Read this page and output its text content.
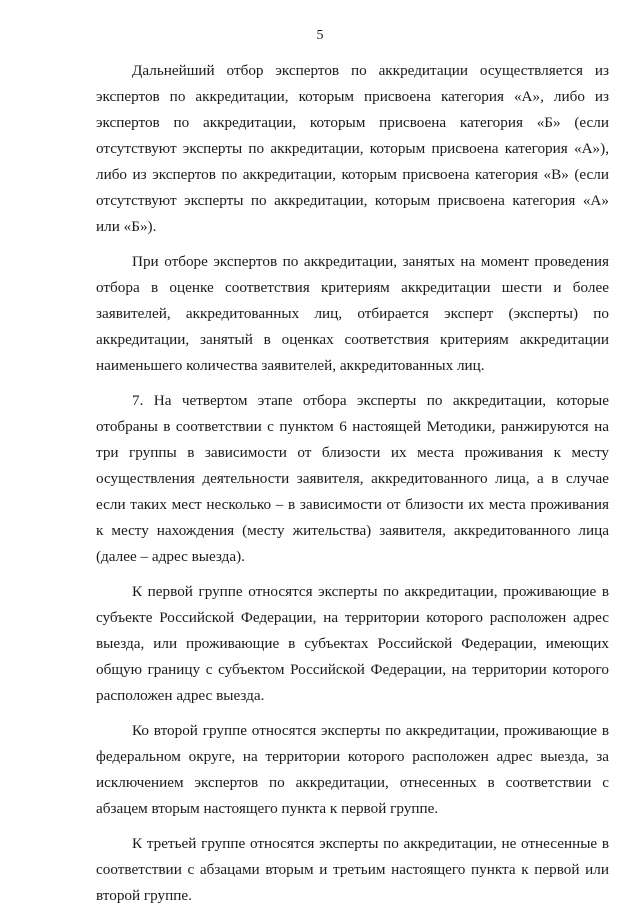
5

Дальнейший отбор экспертов по аккредитации осуществляется из экспертов по аккредитации, которым присвоена категория «А», либо из экспертов по аккредитации, которым присвоена категория «Б» (если отсутствуют эксперты по аккредитации, которым присвоена категория «А»), либо из экспертов по аккредитации, которым присвоена категория «В» (если отсутствуют эксперты по аккредитации, которым присвоена категория «А» или «Б»).

При отборе экспертов по аккредитации, занятых на момент проведения отбора в оценке соответствия критериям аккредитации шести и более заявителей, аккредитованных лиц, отбирается эксперт (эксперты) по аккредитации, занятый в оценках соответствия критериям аккредитации наименьшего количества заявителей, аккредитованных лиц.

7. На четвертом этапе отбора эксперты по аккредитации, которые отобраны в соответствии с пунктом 6 настоящей Методики, ранжируются на три группы в зависимости от близости их места проживания к месту осуществления деятельности заявителя, аккредитованного лица, а в случае если таких мест несколько – в зависимости от близости их места проживания к месту нахождения (месту жительства) заявителя, аккредитованного лица (далее – адрес выезда).

К первой группе относятся эксперты по аккредитации, проживающие в субъекте Российской Федерации, на территории которого расположен адрес выезда, или проживающие в субъектах Российской Федерации, имеющих общую границу с субъектом Российской Федерации, на территории которого расположен адрес выезда.

Ко второй группе относятся эксперты по аккредитации, проживающие в федеральном округе, на территории которого расположен адрес выезда, за исключением экспертов по аккредитации, отнесенных в соответствии с абзацем вторым настоящего пункта к первой группе.

К третьей группе относятся эксперты по аккредитации, не отнесенные в соответствии с абзацами вторым и третьим настоящего пункта к первой или второй группе.
